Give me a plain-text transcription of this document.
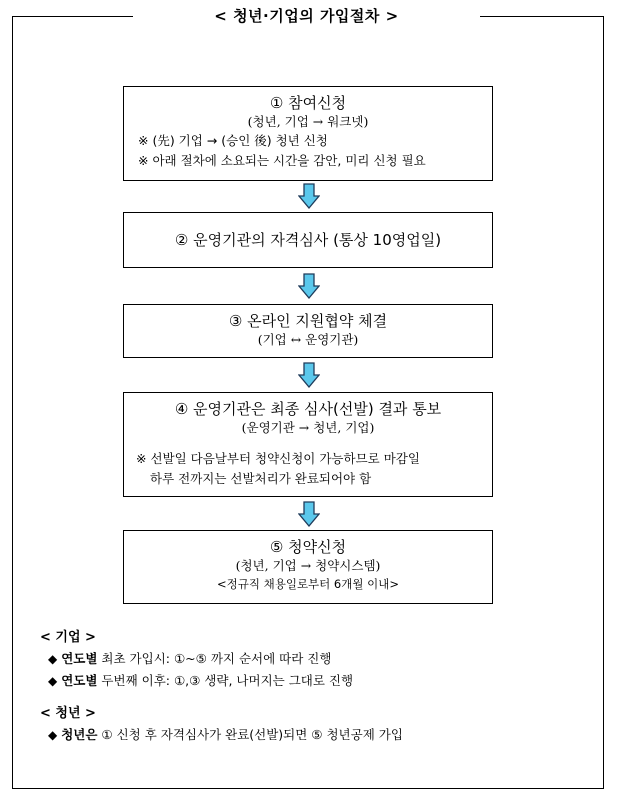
< 청년·기업의 가입절차 >
① 참여신청
(청년, 기업 → 워크넷)
※ (先) 기업 → (승인 後) 청년 신청
※ 아래 절차에 소요되는 시간을 감안, 미리 신청 필요
② 운영기관의 자격심사 (통상 10영업일)
③ 온라인 지원협약 체결
(기업 ↔ 운영기관)
④ 운영기관은 최종 심사(선발) 결과 통보
(운영기관 → 청년, 기업)
※ 선발일 다음날부터 청약신청이 가능하므로 마감일
하루 전까지는 선발처리가 완료되어야 함
⑤ 청약신청
(청년, 기업 → 청약시스템)
<정규직 채용일로부터 6개월 이내>
< 기업 >
◆ 연도별 최초 가입시: ①~⑤ 까지 순서에 따라 진행
◆ 연도별 두번째 이후: ①,③ 생략, 나머지는 그대로 진행
< 청년 >
◆ 청년은 ① 신청 후 자격심사가 완료(선발)되면 ⑤ 청년공제 가입
